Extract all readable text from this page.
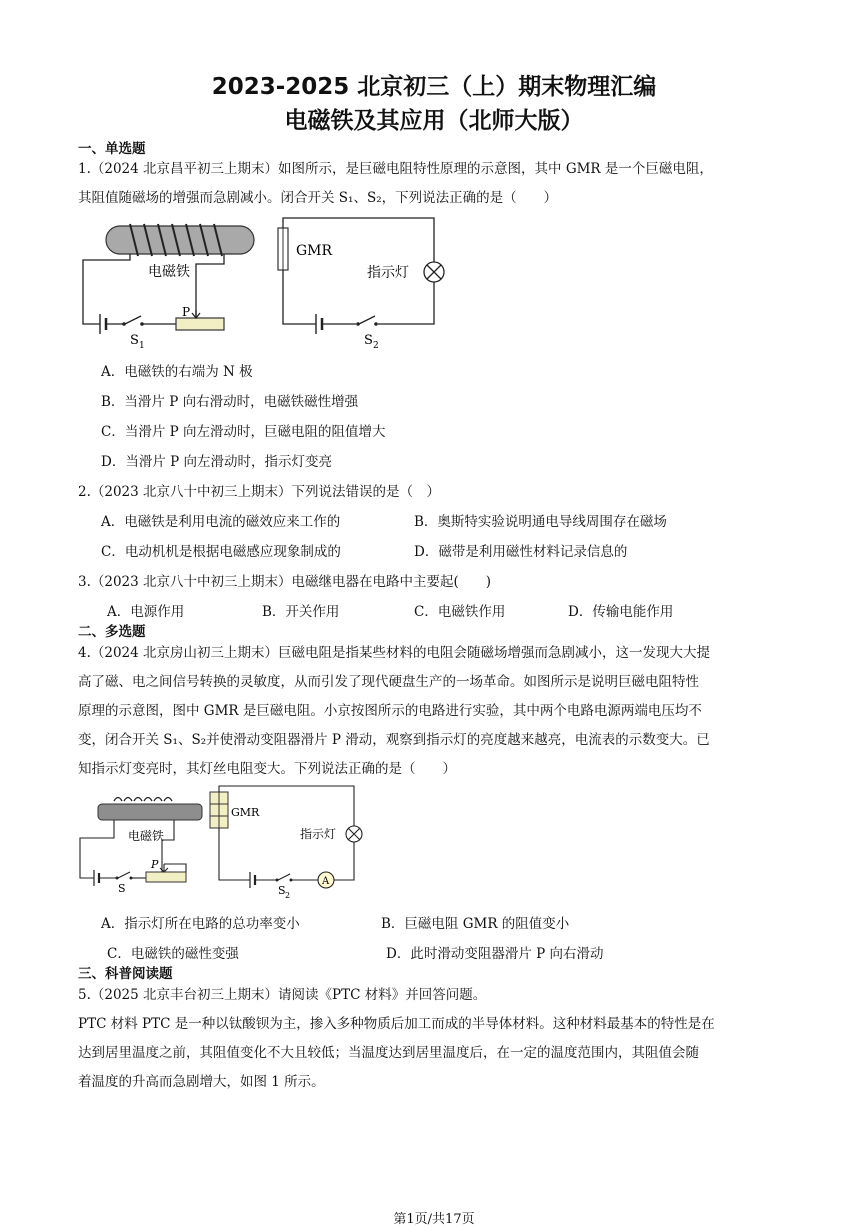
2023-2025 北京初三（上）期末物理汇编
电磁铁及其应用（北师大版）
一、单选题
1.（2024 北京昌平初三上期末）如图所示，是巨磁电阻特性原理的示意图，其中 GMR 是一个巨磁电阻，
其阻值随磁场的增强而急剧减小。闭合开关 S₁、S₂，下列说法正确的是（　　）
电磁铁
S 1
P
GMR
指示灯
S 2
A．电磁铁的右端为 N 极
B．当滑片 P 向右滑动时，电磁铁磁性增强
C．当滑片 P 向左滑动时，巨磁电阻的阻值增大
D．当滑片 P 向左滑动时，指示灯变亮
2.（2023 北京八十中初三上期末）下列说法错误的是（　）
A．电磁铁是利用电流的磁效应来工作的	B．奥斯特实验说明通电导线周围存在磁场
C．电动机机是根据电磁感应现象制成的	D．磁带是利用磁性材料记录信息的
3.（2023 北京八十中初三上期末）电磁继电器在电路中主要起(　　)
A．电源作用	B．开关作用	C．电磁铁作用	D．传输电能作用
二、多选题
4.（2024 北京房山初三上期末）巨磁电阻是指某些材料的电阻会随磁场增强而急剧减小，这一发现大大提
高了磁、电之间信号转换的灵敏度，从而引发了现代硬盘生产的一场革命。如图所示是说明巨磁电阻特性
原理的示意图，图中 GMR 是巨磁电阻。小京按图所示的电路进行实验，其中两个电路电源两端电压均不
变，闭合开关 S₁、S₂并使滑动变阻器滑片 P 滑动，观察到指示灯的亮度越来越亮，电流表的示数变大。已
知指示灯变亮时，其灯丝电阻变大。下列说法正确的是（　　）
电磁铁
S
P
GMR
指示灯
S 2
A
A．指示灯所在电路的总功率变小	B．巨磁电阻 GMR 的阻值变小
C．电磁铁的磁性变强	D．此时滑动变阻器滑片 P 向右滑动
三、科普阅读题
5.（2025 北京丰台初三上期末）请阅读《PTC 材料》并回答问题。
PTC 材料 PTC 是一种以钛酸钡为主，掺入多种物质后加工而成的半导体材料。这种材料最基本的特性是在
达到居里温度之前，其阻值变化不大且较低；当温度达到居里温度后，在一定的温度范围内，其阻值会随
着温度的升高而急剧增大，如图 1 所示。
第1页/共17页
